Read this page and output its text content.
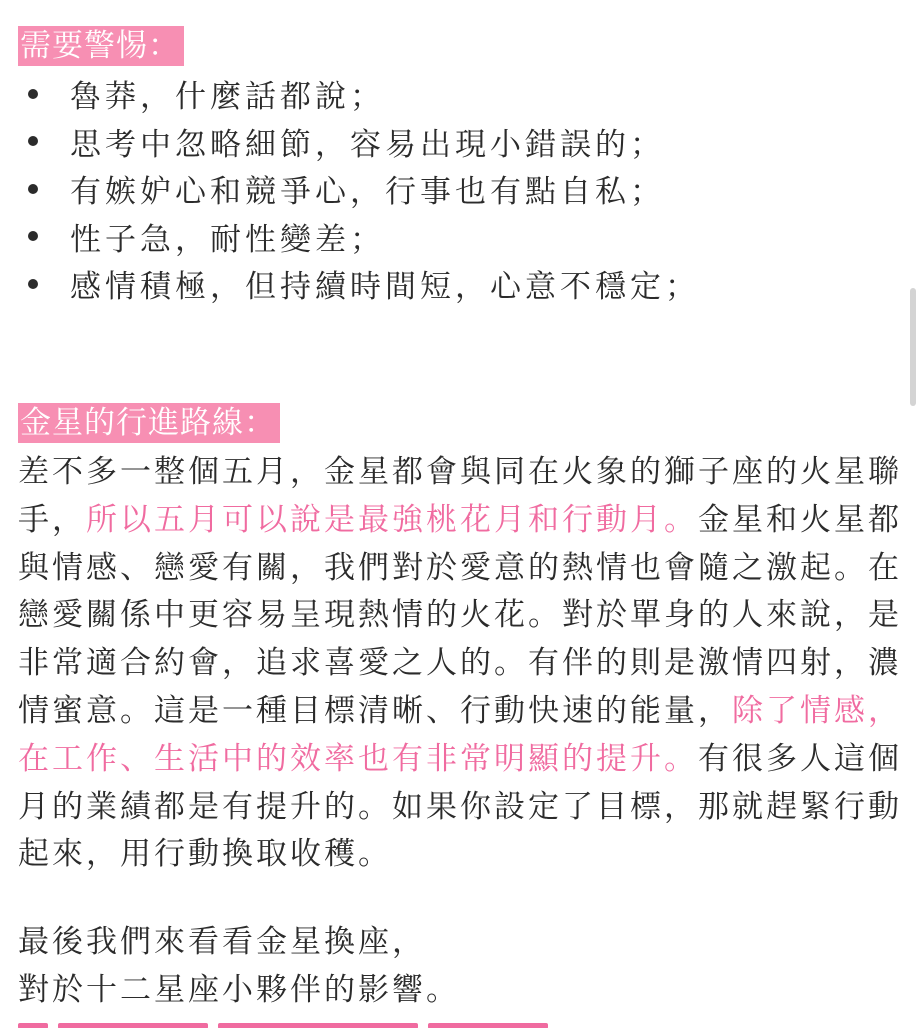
需要警惕：
魯莽，什麼話都說；
思考中忽略細節，容易出現小錯誤的；
有嫉妒心和競爭心，行事也有點自私；
性子急，耐性變差；
感情積極，但持續時間短，心意不穩定；
金星的行進路線：

差不多一整個五月，金星都會與同在火象的獅子座的火星聯手，所以五月可以說是最強桃花月和行動月。金星和火星都與情感、戀愛有關，我們對於愛意的熱情也會隨之激起。在戀愛關係中更容易呈現熱情的火花。對於單身的人來說，是非常適合約會，追求喜愛之人的。有伴的則是激情四射，濃情蜜意。這是一種目標清晰、行動快速的能量，除了情感，在工作、生活中的效率也有非常明顯的提升。有很多人這個月的業績都是有提升的。如果你設定了目標，那就趕緊行動起來，用行動換取收穫。

最後我們來看看金星換座，
對於十二星座小夥伴的影響。
